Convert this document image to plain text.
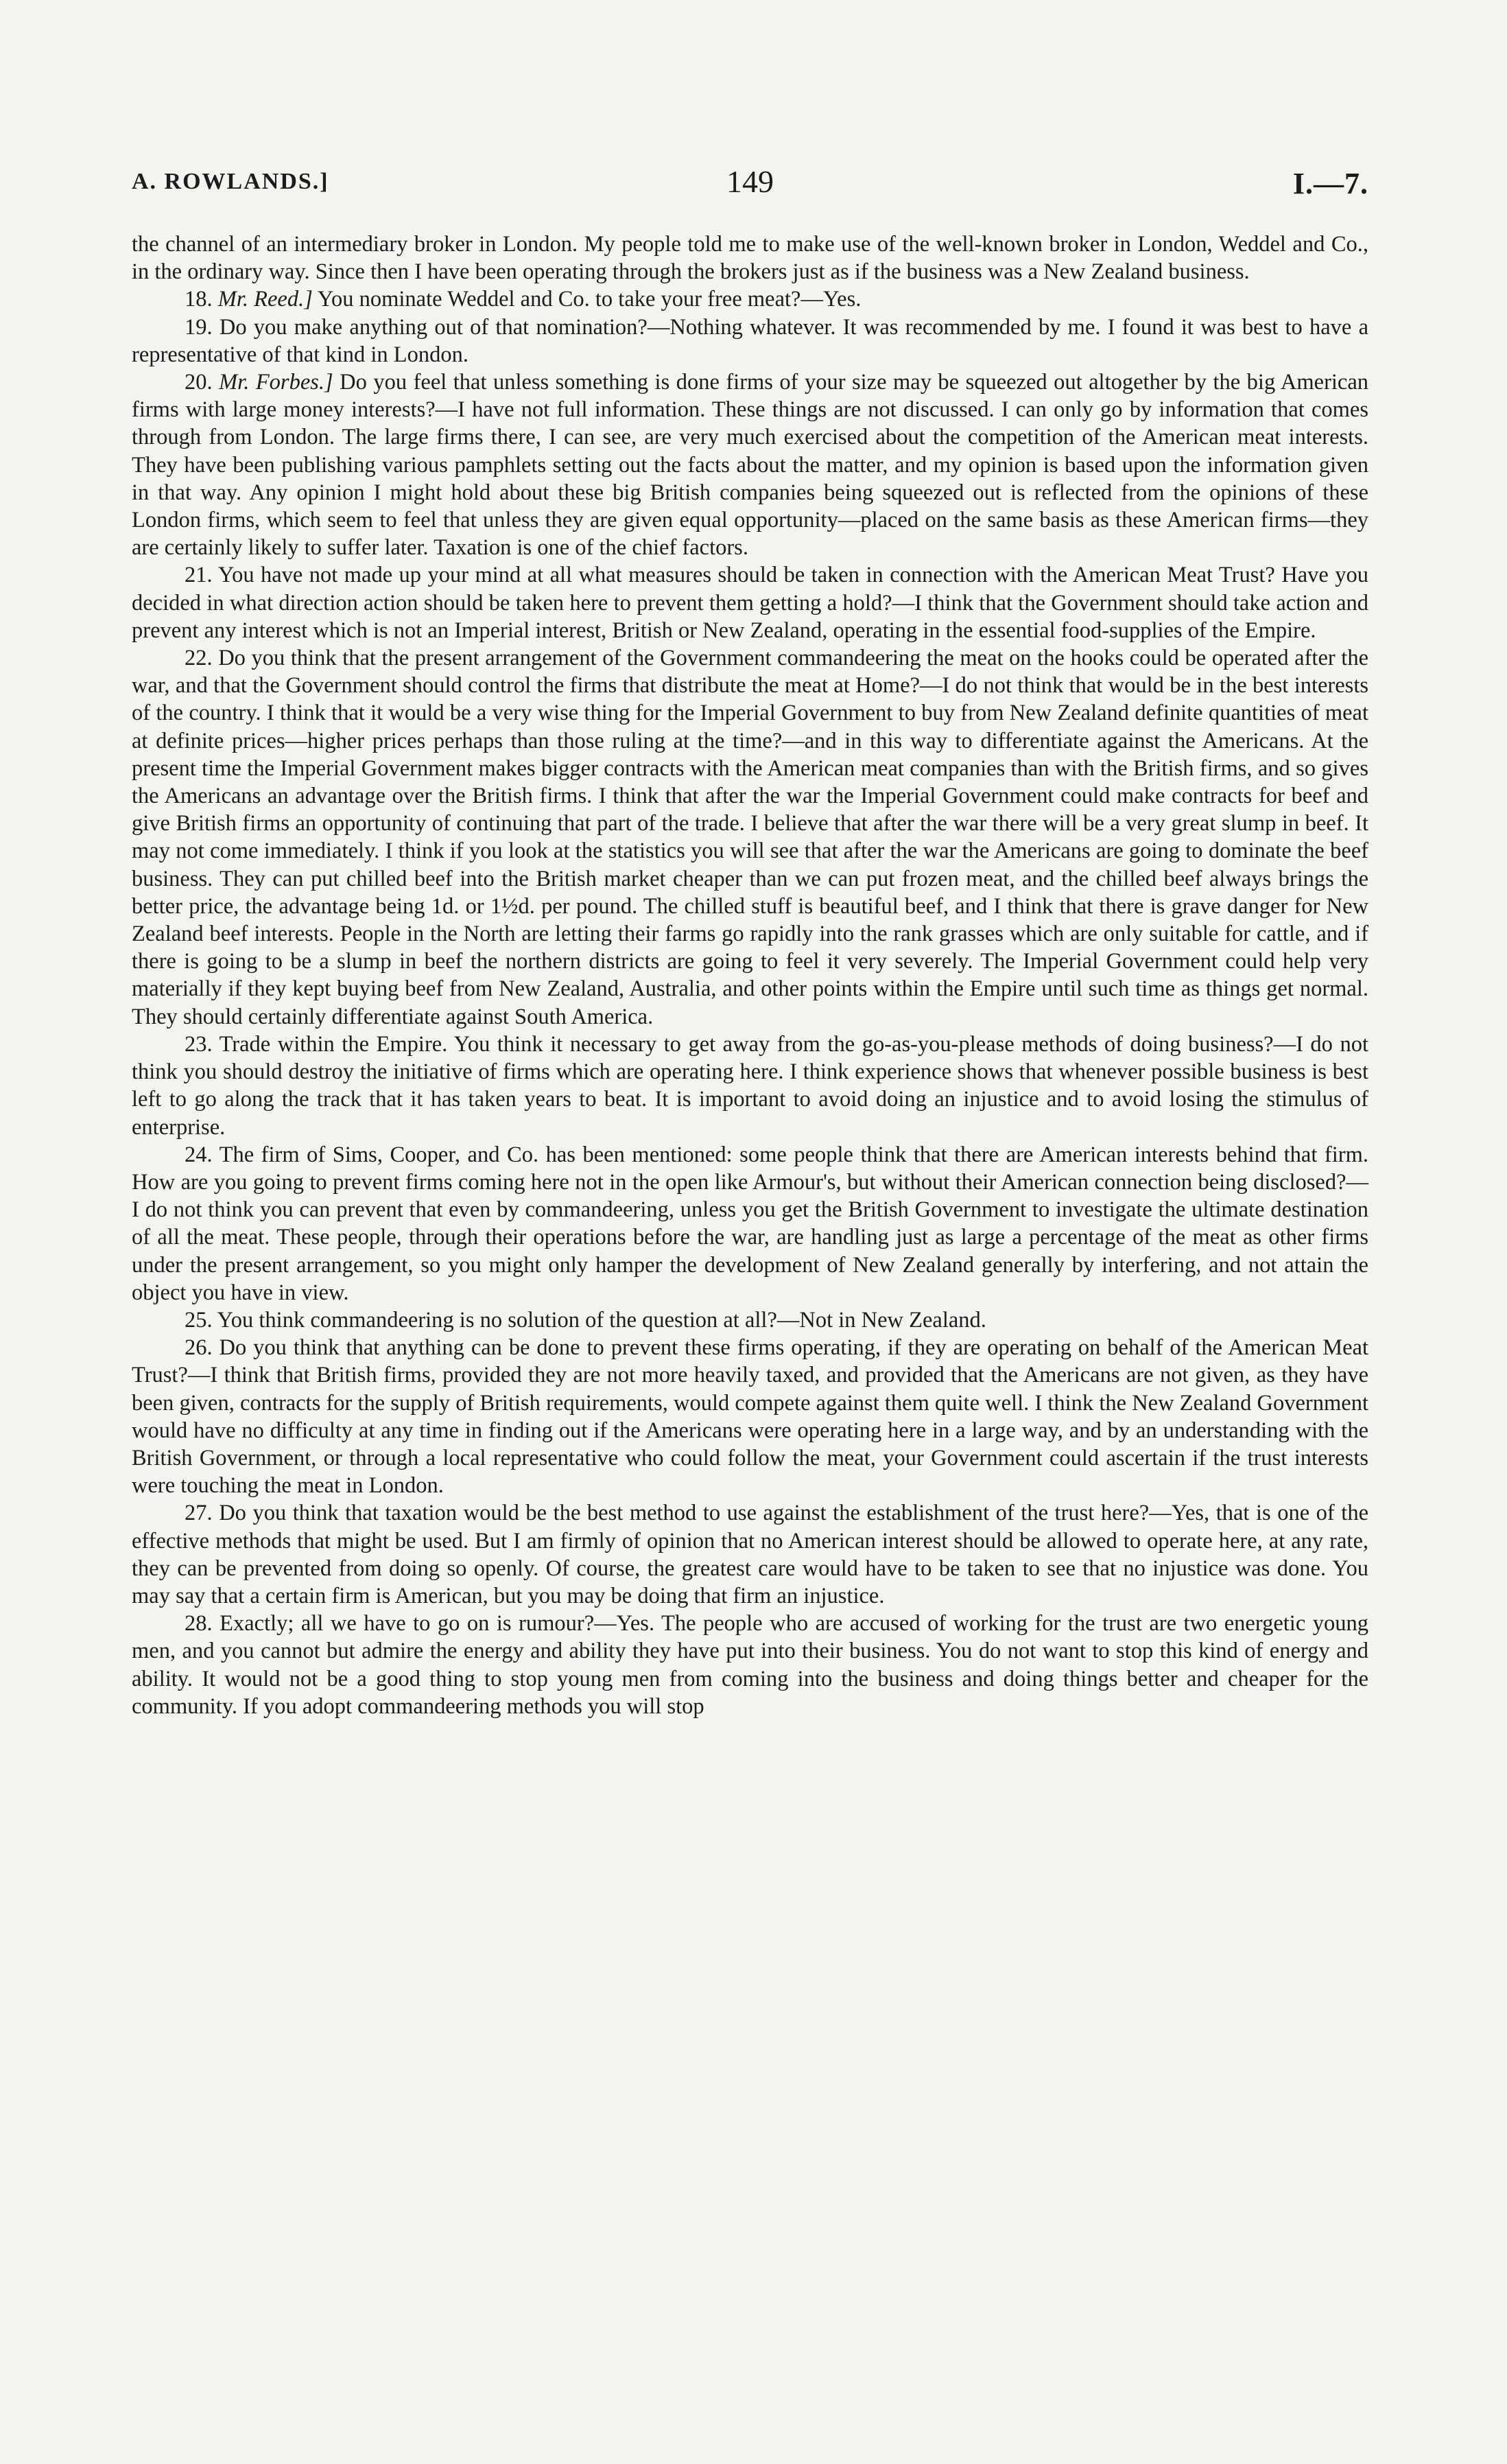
A. ROWLANDS.]	149	I.—7.

the channel of an intermediary broker in London. My people told me to make use of the well-known broker in London, Weddel and Co., in the ordinary way. Since then I have been operating through the brokers just as if the business was a New Zealand business.

18. Mr. Reed.] You nominate Weddel and Co. to take your free meat?—Yes.

19. Do you make anything out of that nomination?—Nothing whatever. It was recommended by me. I found it was best to have a representative of that kind in London.

20. Mr. Forbes.] Do you feel that unless something is done firms of your size may be squeezed out altogether by the big American firms with large money interests?—I have not full information. These things are not discussed. I can only go by information that comes through from London. The large firms there, I can see, are very much exercised about the competition of the American meat interests. They have been publishing various pamphlets setting out the facts about the matter, and my opinion is based upon the information given in that way. Any opinion I might hold about these big British companies being squeezed out is reflected from the opinions of these London firms, which seem to feel that unless they are given equal opportunity—placed on the same basis as these American firms—they are certainly likely to suffer later. Taxation is one of the chief factors.

21. You have not made up your mind at all what measures should be taken in connection with the American Meat Trust? Have you decided in what direction action should be taken here to prevent them getting a hold?—I think that the Government should take action and prevent any interest which is not an Imperial interest, British or New Zealand, operating in the essential food-supplies of the Empire.

22. Do you think that the present arrangement of the Government commandeering the meat on the hooks could be operated after the war, and that the Government should control the firms that distribute the meat at Home?—I do not think that would be in the best interests of the country. I think that it would be a very wise thing for the Imperial Government to buy from New Zealand definite quantities of meat at definite prices—higher prices perhaps than those ruling at the time?—and in this way to differentiate against the Americans. At the present time the Imperial Government makes bigger contracts with the American meat companies than with the British firms, and so gives the Americans an advantage over the British firms. I think that after the war the Imperial Government could make contracts for beef and give British firms an opportunity of continuing that part of the trade. I believe that after the war there will be a very great slump in beef. It may not come immediately. I think if you look at the statistics you will see that after the war the Americans are going to dominate the beef business. They can put chilled beef into the British market cheaper than we can put frozen meat, and the chilled beef always brings the better price, the advantage being 1d. or 1½d. per pound. The chilled stuff is beautiful beef, and I think that there is grave danger for New Zealand beef interests. People in the North are letting their farms go rapidly into the rank grasses which are only suitable for cattle, and if there is going to be a slump in beef the northern districts are going to feel it very severely. The Imperial Government could help very materially if they kept buying beef from New Zealand, Australia, and other points within the Empire until such time as things get normal. They should certainly differentiate against South America.

23. Trade within the Empire. You think it necessary to get away from the go-as-you-please methods of doing business?—I do not think you should destroy the initiative of firms which are operating here. I think experience shows that whenever possible business is best left to go along the track that it has taken years to beat. It is important to avoid doing an injustice and to avoid losing the stimulus of enterprise.

24. The firm of Sims, Cooper, and Co. has been mentioned: some people think that there are American interests behind that firm. How are you going to prevent firms coming here not in the open like Armour's, but without their American connection being disclosed?—I do not think you can prevent that even by commandeering, unless you get the British Government to investigate the ultimate destination of all the meat. These people, through their operations before the war, are handling just as large a percentage of the meat as other firms under the present arrangement, so you might only hamper the development of New Zealand generally by interfering, and not attain the object you have in view.

25. You think commandeering is no solution of the question at all?—Not in New Zealand.

26. Do you think that anything can be done to prevent these firms operating, if they are operating on behalf of the American Meat Trust?—I think that British firms, provided they are not more heavily taxed, and provided that the Americans are not given, as they have been given, contracts for the supply of British requirements, would compete against them quite well. I think the New Zealand Government would have no difficulty at any time in finding out if the Americans were operating here in a large way, and by an understanding with the British Government, or through a local representative who could follow the meat, your Government could ascertain if the trust interests were touching the meat in London.

27. Do you think that taxation would be the best method to use against the establishment of the trust here?—Yes, that is one of the effective methods that might be used. But I am firmly of opinion that no American interest should be allowed to operate here, at any rate, they can be prevented from doing so openly. Of course, the greatest care would have to be taken to see that no injustice was done. You may say that a certain firm is American, but you may be doing that firm an injustice.

28. Exactly; all we have to go on is rumour?—Yes. The people who are accused of working for the trust are two energetic young men, and you cannot but admire the energy and ability they have put into their business. You do not want to stop this kind of energy and ability. It would not be a good thing to stop young men from coming into the business and doing things better and cheaper for the community. If you adopt commandeering methods you will stop
